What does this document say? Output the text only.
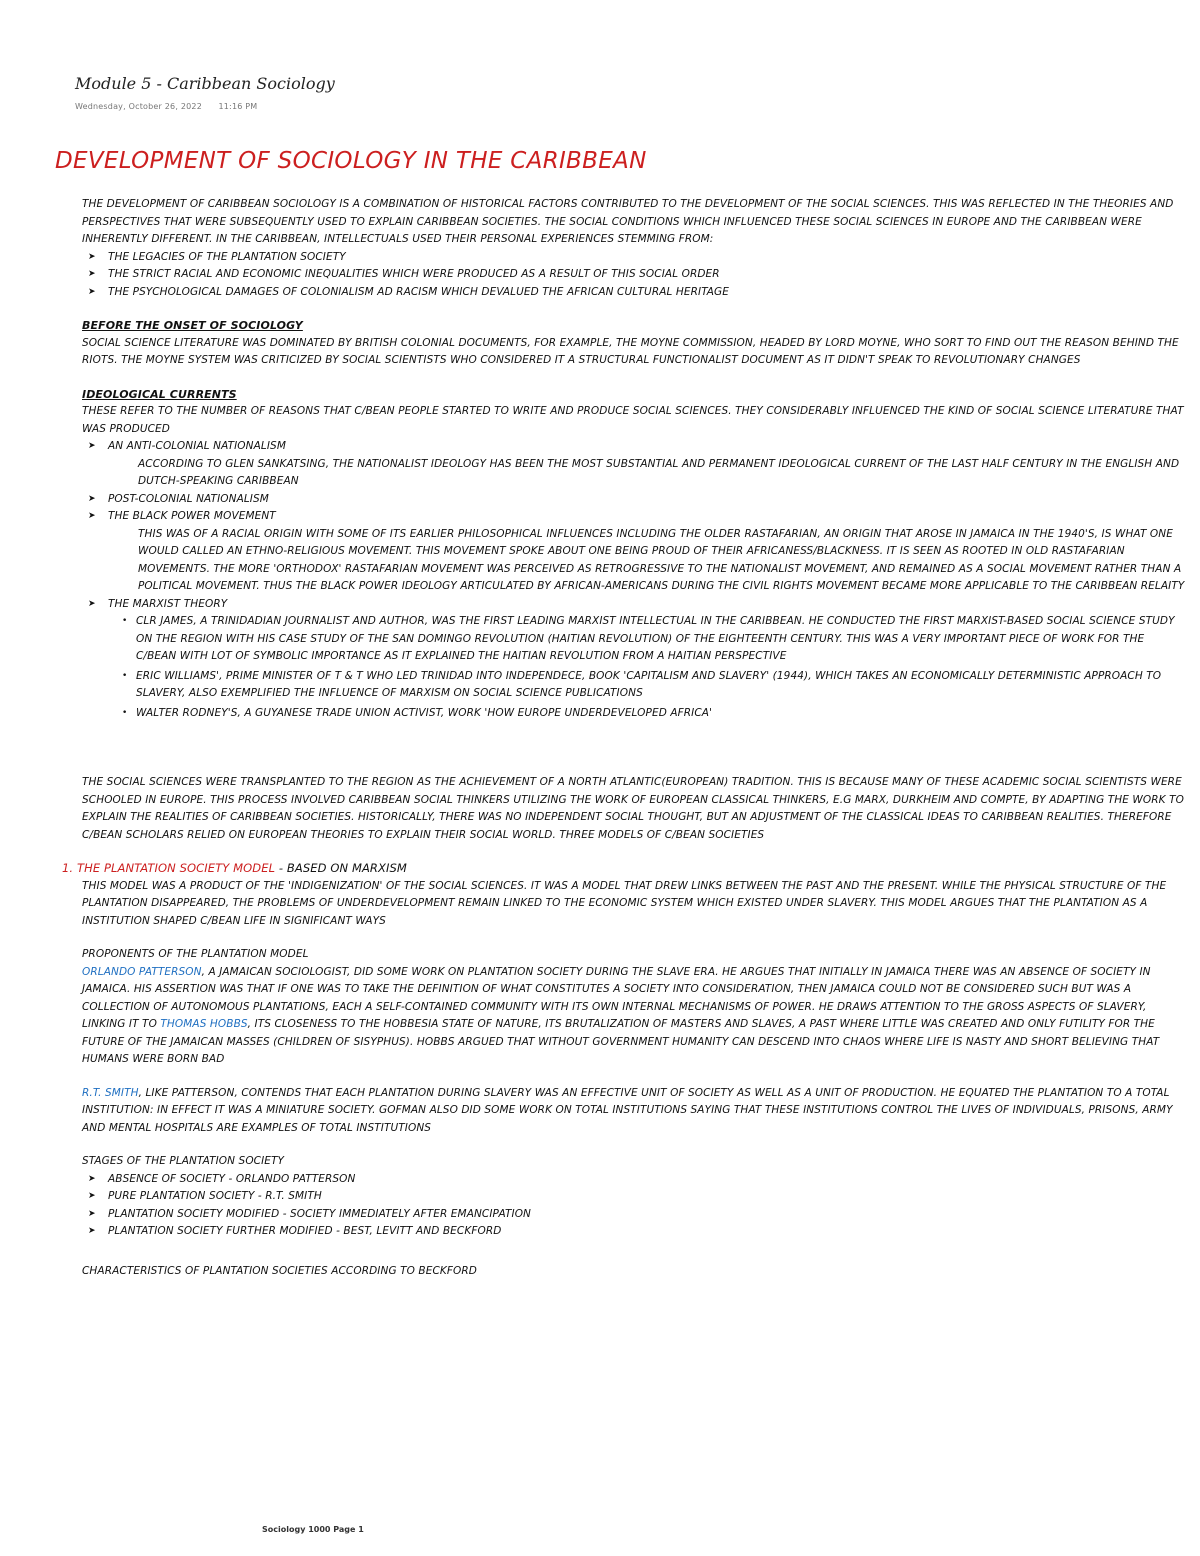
Module 5 - Caribbean Sociology
Wednesday, October 26, 2022 11:16 PM
DEVELOPMENT OF SOCIOLOGY IN THE CARIBBEAN

THE DEVELOPMENT OF CARIBBEAN SOCIOLOGY IS A COMBINATION OF HISTORICAL FACTORS CONTRIBUTED TO THE DEVELOPMENT OF THE SOCIAL SCIENCES. THIS WAS REFLECTED IN THE THEORIES AND PERSPECTIVES THAT WERE SUBSEQUENTLY USED TO EXPLAIN CARIBBEAN SOCIETIES. THE SOCIAL CONDITIONS WHICH INFLUENCED THESE SOCIAL SCIENCES IN EUROPE AND THE CARIBBEAN WERE INHERENTLY DIFFERENT. IN THE CARIBBEAN, INTELLECTUALS USED THEIR PERSONAL EXPERIENCES STEMMING FROM:

➤ THE LEGACIES OF THE PLANTATION SOCIETY
➤ THE STRICT RACIAL AND ECONOMIC INEQUALITIES WHICH WERE PRODUCED AS A RESULT OF THIS SOCIAL ORDER
➤ THE PSYCHOLOGICAL DAMAGES OF COLONIALISM AD RACISM WHICH DEVALUED THE AFRICAN CULTURAL HERITAGE

BEFORE THE ONSET OF SOCIOLOGY

SOCIAL SCIENCE LITERATURE WAS DOMINATED BY BRITISH COLONIAL DOCUMENTS, FOR EXAMPLE, THE MOYNE COMMISSION, HEADED BY LORD MOYNE, WHO SORT TO FIND OUT THE REASON BEHIND THE RIOTS. THE MOYNE SYSTEM WAS CRITICIZED BY SOCIAL SCIENTISTS WHO CONSIDERED IT A STRUCTURAL FUNCTIONALIST DOCUMENT AS IT DIDN'T SPEAK TO REVOLUTIONARY CHANGES

IDEOLOGICAL CURRENTS

THESE REFER TO THE NUMBER OF REASONS THAT C/BEAN PEOPLE STARTED TO WRITE AND PRODUCE SOCIAL SCIENCES. THEY CONSIDERABLY INFLUENCED THE KIND OF SOCIAL SCIENCE LITERATURE THAT WAS PRODUCED

➤ AN ANTI-COLONIAL NATIONALISM

ACCORDING TO GLEN SANKATSING, THE NATIONALIST IDEOLOGY HAS BEEN THE MOST SUBSTANTIAL AND PERMANENT IDEOLOGICAL CURRENT OF THE LAST HALF CENTURY IN THE ENGLISH AND DUTCH-SPEAKING CARIBBEAN

➤ POST-COLONIAL NATIONALISM
➤ THE BLACK POWER MOVEMENT

THIS WAS OF A RACIAL ORIGIN WITH SOME OF ITS EARLIER PHILOSOPHICAL INFLUENCES INCLUDING THE OLDER RASTAFARIAN, AN ORIGIN THAT AROSE IN JAMAICA IN THE 1940'S, IS WHAT ONE WOULD CALLED AN ETHNO-RELIGIOUS MOVEMENT. THIS MOVEMENT SPOKE ABOUT ONE BEING PROUD OF THEIR AFRICANESS/BLACKNESS. IT IS SEEN AS ROOTED IN OLD RASTAFARIAN MOVEMENTS. THE MORE 'ORTHODOX' RASTAFARIAN MOVEMENT WAS PERCEIVED AS RETROGRESSIVE TO THE NATIONALIST MOVEMENT, AND REMAINED AS A SOCIAL MOVEMENT RATHER THAN A POLITICAL MOVEMENT. THUS THE BLACK POWER IDEOLOGY ARTICULATED BY AFRICAN-AMERICANS DURING THE CIVIL RIGHTS MOVEMENT BECAME MORE APPLICABLE TO THE CARIBBEAN RELAITY

➤ THE MARXIST THEORY
• CLR JAMES, A TRINIDADIAN JOURNALIST AND AUTHOR, WAS THE FIRST LEADING MARXIST INTELLECTUAL IN THE CARIBBEAN. HE CONDUCTED THE FIRST MARXIST-BASED SOCIAL SCIENCE STUDY ON THE REGION WITH HIS CASE STUDY OF THE SAN DOMINGO REVOLUTION (HAITIAN REVOLUTION) OF THE EIGHTEENTH CENTURY. THIS WAS A VERY IMPORTANT PIECE OF WORK FOR THE C/BEAN WITH LOT OF SYMBOLIC IMPORTANCE AS IT EXPLAINED THE HAITIAN REVOLUTION FROM A HAITIAN PERSPECTIVE
• ERIC WILLIAMS', PRIME MINISTER OF T & T WHO LED TRINIDAD INTO INDEPENDECE, BOOK 'CAPITALISM AND SLAVERY' (1944), WHICH TAKES AN ECONOMICALLY DETERMINISTIC APPROACH TO SLAVERY, ALSO EXEMPLIFIED THE INFLUENCE OF MARXISM ON SOCIAL SCIENCE PUBLICATIONS
• WALTER RODNEY'S, A GUYANESE TRADE UNION ACTIVIST, WORK 'HOW EUROPE UNDERDEVELOPED AFRICA'

THE SOCIAL SCIENCES WERE TRANSPLANTED TO THE REGION AS THE ACHIEVEMENT OF A NORTH ATLANTIC(EUROPEAN) TRADITION. THIS IS BECAUSE MANY OF THESE ACADEMIC SOCIAL SCIENTISTS WERE SCHOOLED IN EUROPE. THIS PROCESS INVOLVED CARIBBEAN SOCIAL THINKERS UTILIZING THE WORK OF EUROPEAN CLASSICAL THINKERS, E.G MARX, DURKHEIM AND COMPTE, BY ADAPTING THE WORK TO EXPLAIN THE REALITIES OF CARIBBEAN SOCIETIES. HISTORICALLY, THERE WAS NO INDEPENDENT SOCIAL THOUGHT, BUT AN ADJUSTMENT OF THE CLASSICAL IDEAS TO CARIBBEAN REALITIES. THEREFORE C/BEAN SCHOLARS RELIED ON EUROPEAN THEORIES TO EXPLAIN THEIR SOCIAL WORLD. THREE MODELS OF C/BEAN SOCIETIES

1. THE PLANTATION SOCIETY MODEL - BASED ON MARXISM

THIS MODEL WAS A PRODUCT OF THE 'INDIGENIZATION' OF THE SOCIAL SCIENCES. IT WAS A MODEL THAT DREW LINKS BETWEEN THE PAST AND THE PRESENT. WHILE THE PHYSICAL STRUCTURE OF THE PLANTATION DISAPPEARED, THE PROBLEMS OF UNDERDEVELOPMENT REMAIN LINKED TO THE ECONOMIC SYSTEM WHICH EXISTED UNDER SLAVERY. THIS MODEL ARGUES THAT THE PLANTATION AS A INSTITUTION SHAPED C/BEAN LIFE IN SIGNIFICANT WAYS

PROPONENTS OF THE PLANTATION MODEL

ORLANDO PATTERSON, A JAMAICAN SOCIOLOGIST, DID SOME WORK ON PLANTATION SOCIETY DURING THE SLAVE ERA. HE ARGUES THAT INITIALLY IN JAMAICA THERE WAS AN ABSENCE OF SOCIETY IN JAMAICA. HIS ASSERTION WAS THAT IF ONE WAS TO TAKE THE DEFINITION OF WHAT CONSTITUTES A SOCIETY INTO CONSIDERATION, THEN JAMAICA COULD NOT BE CONSIDERED SUCH BUT WAS A COLLECTION OF AUTONOMOUS PLANTATIONS, EACH A SELF-CONTAINED COMMUNITY WITH ITS OWN INTERNAL MECHANISMS OF POWER. HE DRAWS ATTENTION TO THE GROSS ASPECTS OF SLAVERY, LINKING IT TO THOMAS HOBBS, ITS CLOSENESS TO THE HOBBESIA STATE OF NATURE, ITS BRUTALIZATION OF MASTERS AND SLAVES, A PAST WHERE LITTLE WAS CREATED AND ONLY FUTILITY FOR THE FUTURE OF THE JAMAICAN MASSES (CHILDREN OF SISYPHUS). HOBBS ARGUED THAT WITHOUT GOVERNMENT HUMANITY CAN DESCEND INTO CHAOS WHERE LIFE IS NASTY AND SHORT BELIEVING THAT HUMANS WERE BORN BAD

R.T. SMITH, LIKE PATTERSON, CONTENDS THAT EACH PLANTATION DURING SLAVERY WAS AN EFFECTIVE UNIT OF SOCIETY AS WELL AS A UNIT OF PRODUCTION. HE EQUATED THE PLANTATION TO A TOTAL INSTITUTION: IN EFFECT IT WAS A MINIATURE SOCIETY. GOFMAN ALSO DID SOME WORK ON TOTAL INSTITUTIONS SAYING THAT THESE INSTITUTIONS CONTROL THE LIVES OF INDIVIDUALS, PRISONS, ARMY AND MENTAL HOSPITALS ARE EXAMPLES OF TOTAL INSTITUTIONS

STAGES OF THE PLANTATION SOCIETY

➤ ABSENCE OF SOCIETY - ORLANDO PATTERSON
➤ PURE PLANTATION SOCIETY - R.T. SMITH
➤ PLANTATION SOCIETY MODIFIED - SOCIETY IMMEDIATELY AFTER EMANCIPATION
➤ PLANTATION SOCIETY FURTHER MODIFIED - BEST, LEVITT AND BECKFORD

CHARACTERISTICS OF PLANTATION SOCIETIES ACCORDING TO BECKFORD

Sociology 1000 Page 1
